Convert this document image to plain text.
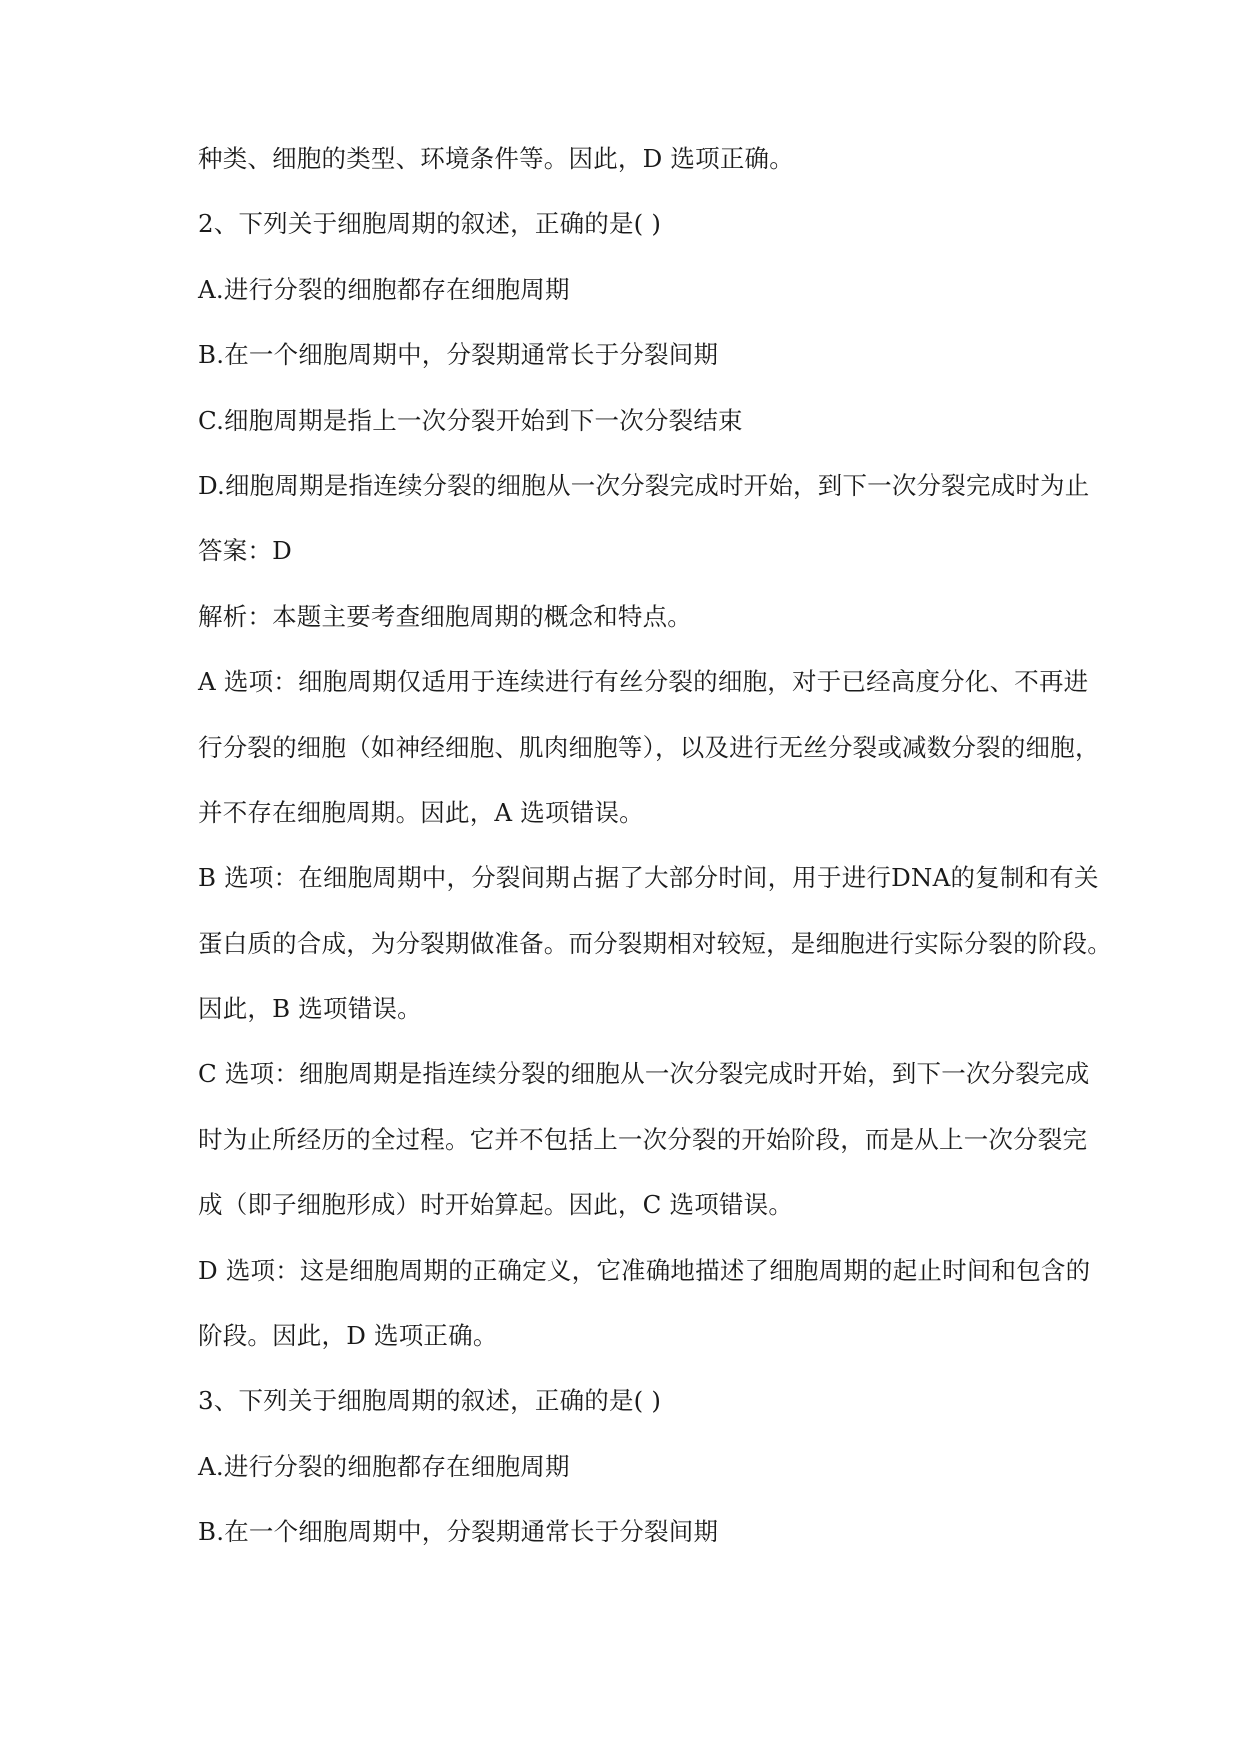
种类、细胞的类型、环境条件等。因此，D 选项正确。
2、下列关于细胞周期的叙述，正确的是( )
A.进行分裂的细胞都存在细胞周期
B.在一个细胞周期中，分裂期通常长于分裂间期
C.细胞周期是指上一次分裂开始到下一次分裂结束
D.细胞周期是指连续分裂的细胞从一次分裂完成时开始，到下一次分裂完成时为止
答案：D
解析：本题主要考查细胞周期的概念和特点。
A 选项：细胞周期仅适用于连续进行有丝分裂的细胞，对于已经高度分化、不再进
行分裂的细胞（如神经细胞、肌肉细胞等），以及进行无丝分裂或减数分裂的细胞，
并不存在细胞周期。因此，A 选项错误。
B 选项：在细胞周期中，分裂间期占据了大部分时间，用于进行DNA的复制和有关
蛋白质的合成，为分裂期做准备。而分裂期相对较短，是细胞进行实际分裂的阶段。
因此，B 选项错误。
C 选项：细胞周期是指连续分裂的细胞从一次分裂完成时开始，到下一次分裂完成
时为止所经历的全过程。它并不包括上一次分裂的开始阶段，而是从上一次分裂完
成（即子细胞形成）时开始算起。因此，C 选项错误。
D 选项：这是细胞周期的正确定义，它准确地描述了细胞周期的起止时间和包含的
阶段。因此，D 选项正确。
3、下列关于细胞周期的叙述，正确的是( )
A.进行分裂的细胞都存在细胞周期
B.在一个细胞周期中，分裂期通常长于分裂间期
